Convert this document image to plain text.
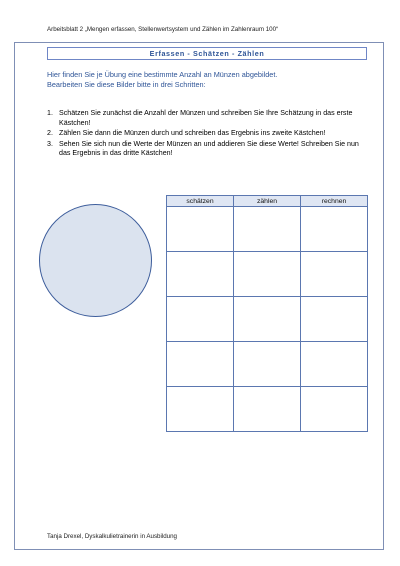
Arbeitsblatt 2 „Mengen erfassen, Stellenwertsystem und Zählen im Zahlenraum 100“
Erfassen - Schätzen - Zählen
Hier finden Sie je Übung eine bestimmte Anzahl an Münzen abgebildet.
Bearbeiten Sie diese Bilder bitte in drei Schritten:
1. Schätzen Sie zunächst die Anzahl der Münzen und schreiben Sie Ihre Schätzung in das erste Kästchen!
2. Zählen Sie dann die Münzen durch und schreiben das Ergebnis ins zweite Kästchen!
3. Sehen Sie sich nun die Werte der Münzen an und addieren Sie diese Werte! Schreiben Sie nun das Ergebnis in das dritte Kästchen!
schätzen	zählen	rechnen

Tanja Drexel, Dyskalkulietrainerin in Ausbildung
